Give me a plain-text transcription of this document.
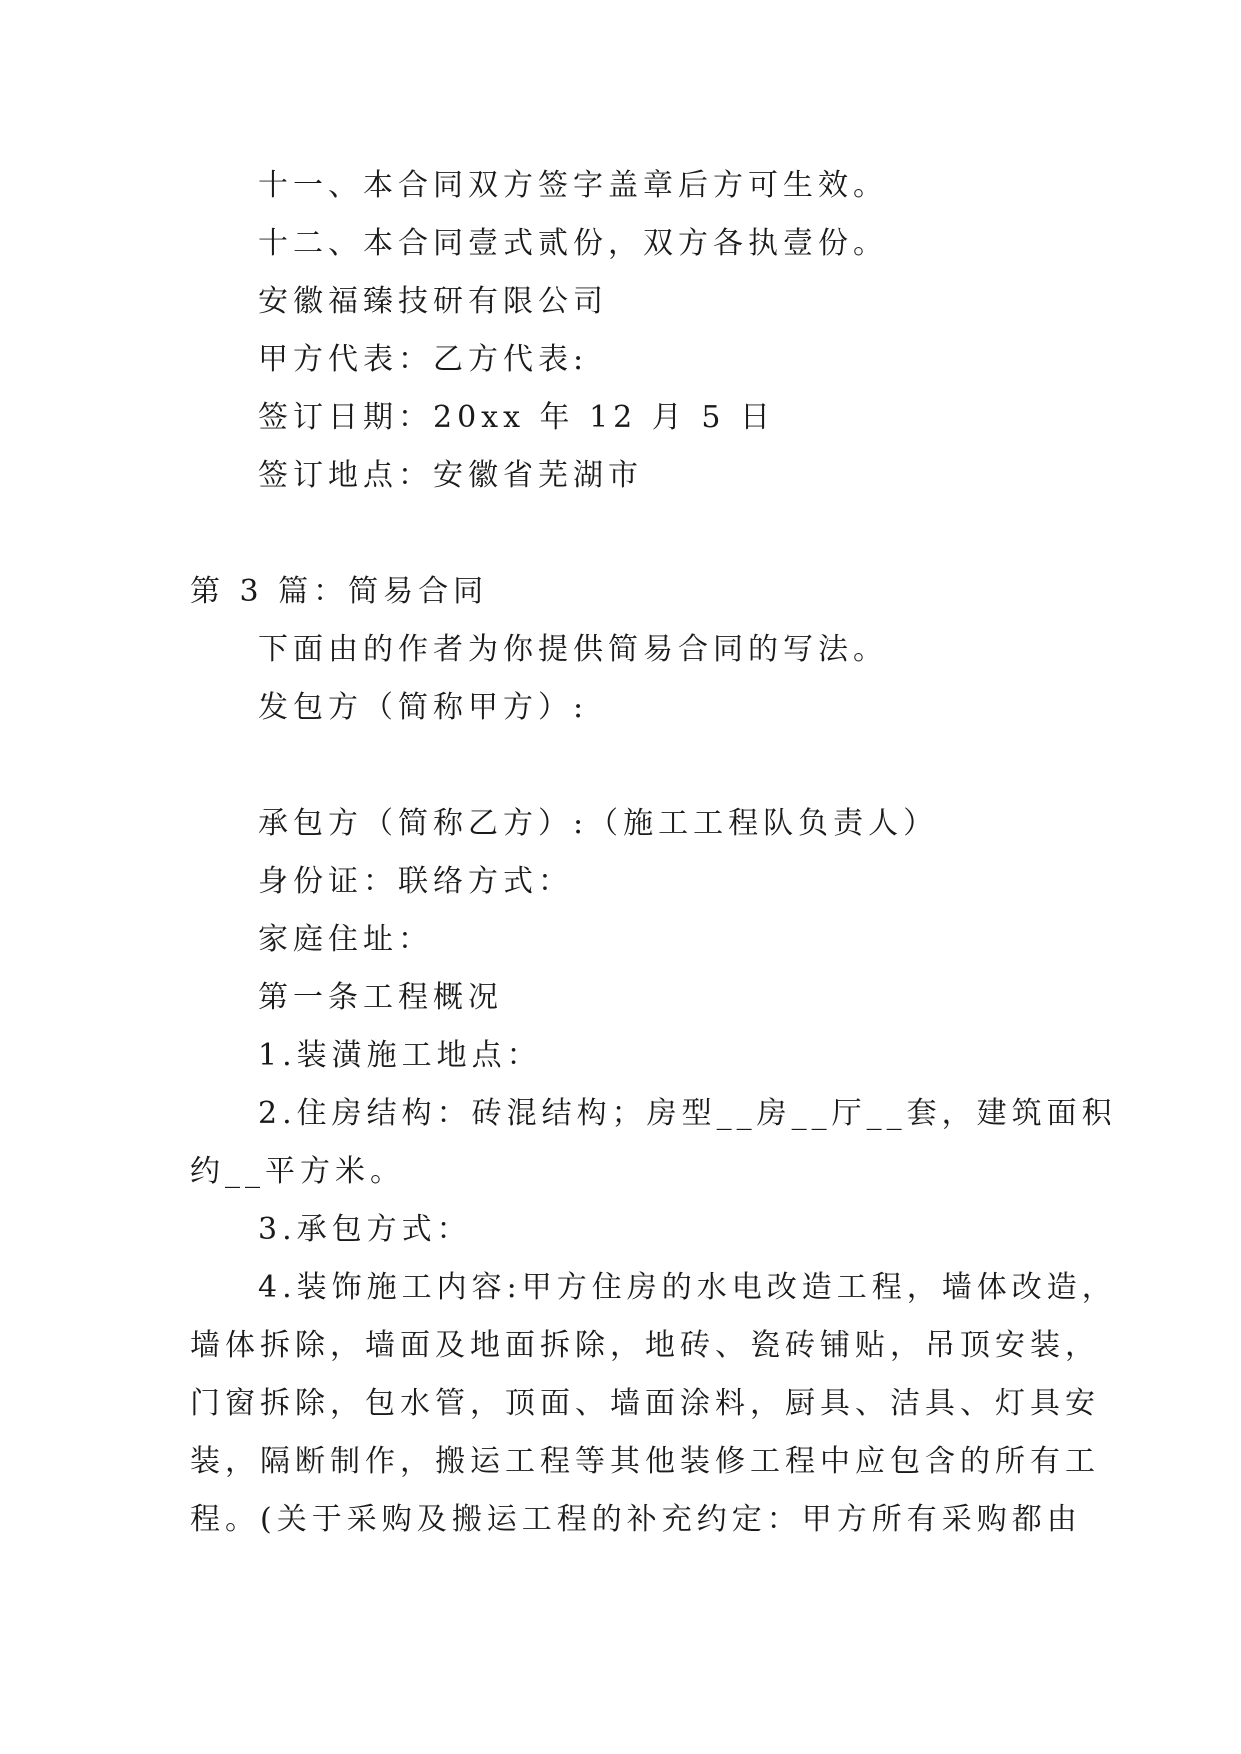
十一、本合同双方签字盖章后方可生效。
十二、本合同壹式贰份，双方各执壹份。
安徽福臻技研有限公司
甲方代表：乙方代表:
签订日期：20xx 年 12 月 5 日
签订地点：安徽省芜湖市
第 3 篇：简易合同
下面由的作者为你提供简易合同的写法。
发包方（简称甲方）:
承包方（简称乙方）:（施工工程队负责人）
身份证：联络方式：
家庭住址：
第一条工程概况
1.装潢施工地点：
2.住房结构：砖混结构；房型__房__厅__套，建筑面积
约__平方米。
3.承包方式：
4.装饰施工内容:甲方住房的水电改造工程，墙体改造，
墙体拆除，墙面及地面拆除，地砖、瓷砖铺贴，吊顶安装，
门窗拆除，包水管，顶面、墙面涂料，厨具、洁具、灯具安
装，隔断制作，搬运工程等其他装修工程中应包含的所有工
程。(关于采购及搬运工程的补充约定：甲方所有采购都由
